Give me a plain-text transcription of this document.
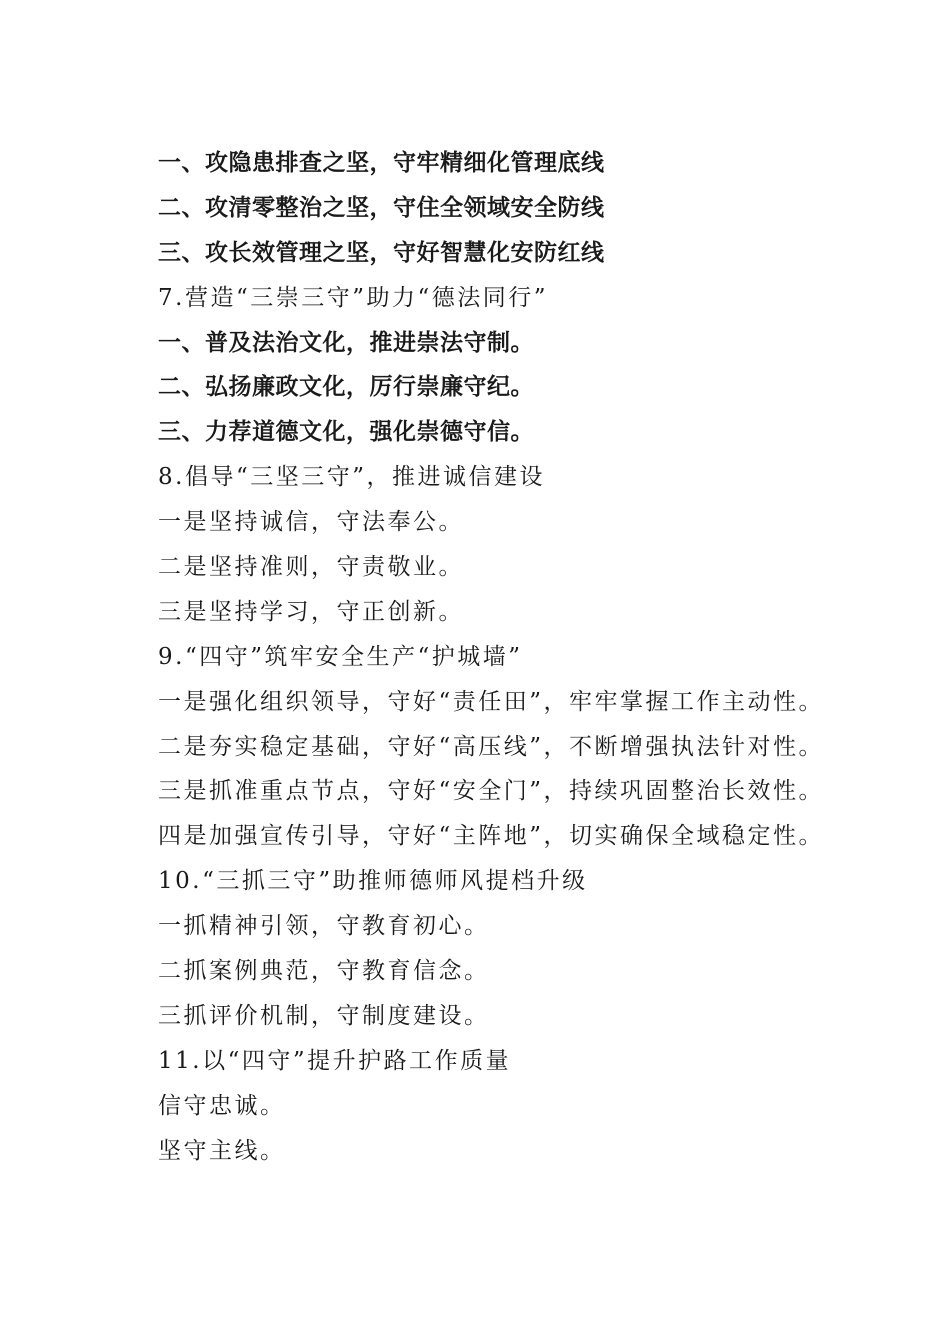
一、攻隐患排查之坚，守牢精细化管理底线
二、攻清零整治之坚，守住全领域安全防线
三、攻长效管理之坚，守好智慧化安防红线
7.营造“三崇三守”助力“德法同行”
一、普及法治文化，推进崇法守制。
二、弘扬廉政文化，厉行崇廉守纪。
三、力荐道德文化，强化崇德守信。
8.倡导“三坚三守”，推进诚信建设
一是坚持诚信，守法奉公。
二是坚持准则，守责敬业。
三是坚持学习，守正创新。
9.“四守”筑牢安全生产“护城墙”
一是强化组织领导，守好“责任田”，牢牢掌握工作主动性。
二是夯实稳定基础，守好“高压线”，不断增强执法针对性。
三是抓准重点节点，守好“安全门”，持续巩固整治长效性。
四是加强宣传引导，守好“主阵地”，切实确保全域稳定性。
10.“三抓三守”助推师德师风提档升级
一抓精神引领，守教育初心。
二抓案例典范，守教育信念。
三抓评价机制，守制度建设。
11.以“四守”提升护路工作质量
信守忠诚。
坚守主线。
